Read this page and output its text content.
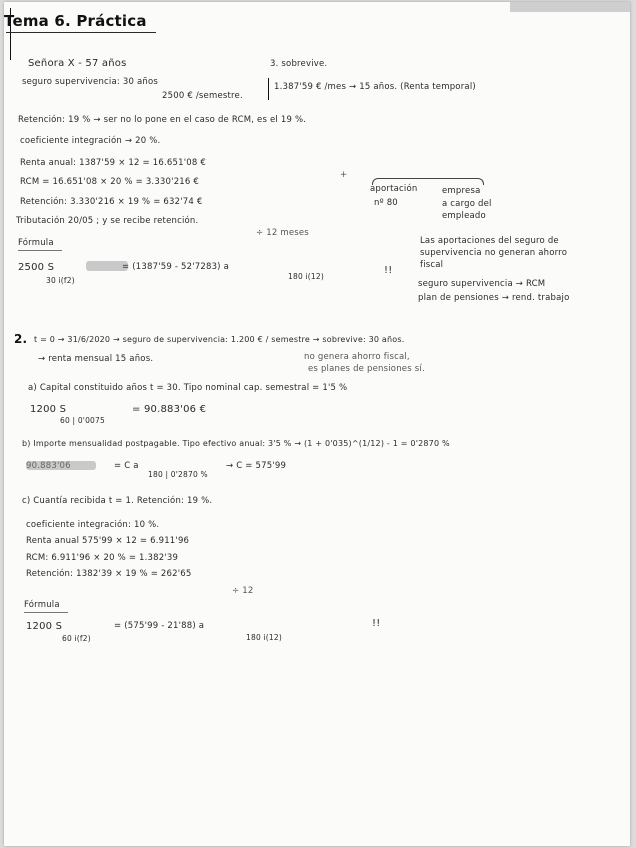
Tema 6. Práctica
Señora X - 57 años	3. sobrevive.
seguro supervivencia: 30 años
2500 € /semestre.
1.387'59 € /mes → 15 años. (Renta temporal)
Retención: 19 % → ser no lo pone en el caso de RCM, es el 19 %.
coeficiente integración → 20 %.
Renta anual: 1387'59 × 12 = 16.651'08 €
RCM = 16.651'08 × 20 % = 3.330'216 €
Retención: 3.330'216 × 19 % = 632'74 €
Tributación 20/05 ; y se recibe retención.
÷ 12 meses
Fórmula
2500 S
30 i(f2)
= (1387'59 - 52'7283) a
180 i(12)
!!
+
aportación
nº 80
empresa
a cargo del
empleado
Las aportaciones del seguro de
supervivencia no generan ahorro
fiscal
seguro supervivencia → RCM
plan de pensiones → rend. trabajo
2. t = 0 → 31/6/2020 → seguro de supervivencia: 1.200 € / semestre → sobrevive: 30 años.
→ renta mensual 15 años.	no genera ahorro fiscal,
es planes de pensiones sí.
a) Capital constituido años t = 30. Tipo nominal cap. semestral = 1'5 %
1200 S
60 | 0'0075
= 90.883'06 €
b) Importe mensualidad postpagable. Tipo efectivo anual: 3'5 % → (1 + 0'035)^(1/12) - 1 = 0'2870 %
90.883'06	= C a
180 | 0'2870 %
→ C = 575'99
c) Cuantía recibida t = 1. Retención: 19 %.
coeficiente integración: 10 %.
Renta anual 575'99 × 12 = 6.911'96
RCM: 6.911'96 × 20 % = 1.382'39
Retención: 1382'39 × 19 % = 262'65
÷ 12
Fórmula
1200 S
60 i(f2)
= (575'99 - 21'88) a
180 i(12)
!!
